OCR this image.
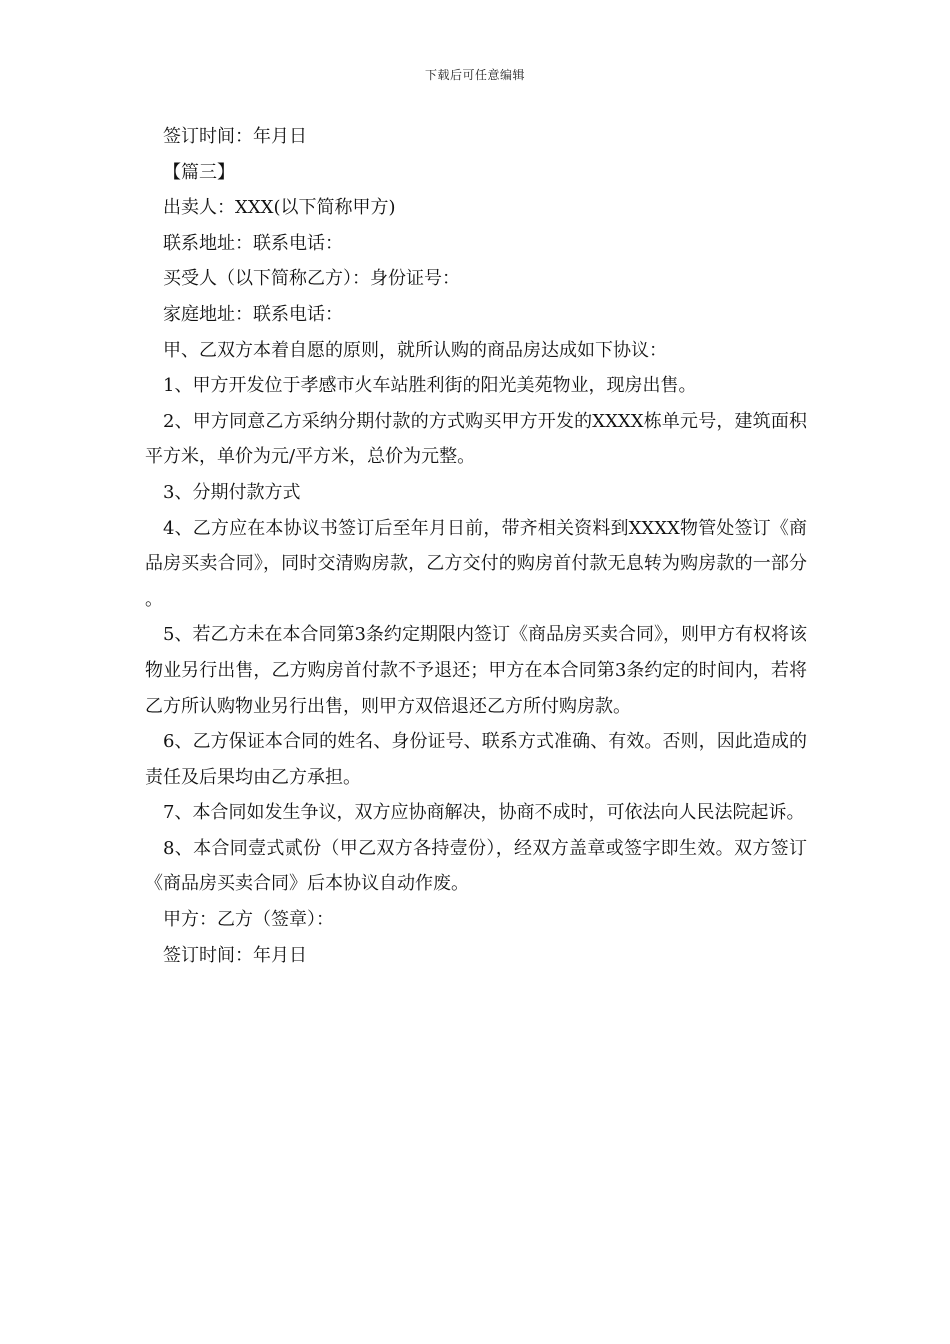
下载后可任意编辑

签订时间：年月日

【篇三】

出卖人：XXX(以下简称甲方)

联系地址：联系电话：

买受人（以下简称乙方）：身份证号：

家庭地址：联系电话：

甲、乙双方本着自愿的原则，就所认购的商品房达成如下协议：

1、甲方开发位于孝感市火车站胜利街的阳光美苑物业，现房出售。

2、甲方同意乙方采纳分期付款的方式购买甲方开发的XXXX栋单元号，建筑面积平方米，单价为元/平方米，总价为元整。

3、分期付款方式

4、乙方应在本协议书签订后至年月日前，带齐相关资料到XXXX物管处签订《商品房买卖合同》，同时交清购房款，乙方交付的购房首付款无息转为购房款的一部分。

5、若乙方未在本合同第3条约定期限内签订《商品房买卖合同》，则甲方有权将该物业另行出售，乙方购房首付款不予退还；甲方在本合同第3条约定的时间内，若将乙方所认购物业另行出售，则甲方双倍退还乙方所付购房款。

6、乙方保证本合同的姓名、身份证号、联系方式准确、有效。否则，因此造成的责任及后果均由乙方承担。

7、本合同如发生争议，双方应协商解决，协商不成时，可依法向人民法院起诉。

8、本合同壹式贰份（甲乙双方各持壹份），经双方盖章或签字即生效。双方签订《商品房买卖合同》后本协议自动作废。

甲方：乙方（签章）：

签订时间：年月日
